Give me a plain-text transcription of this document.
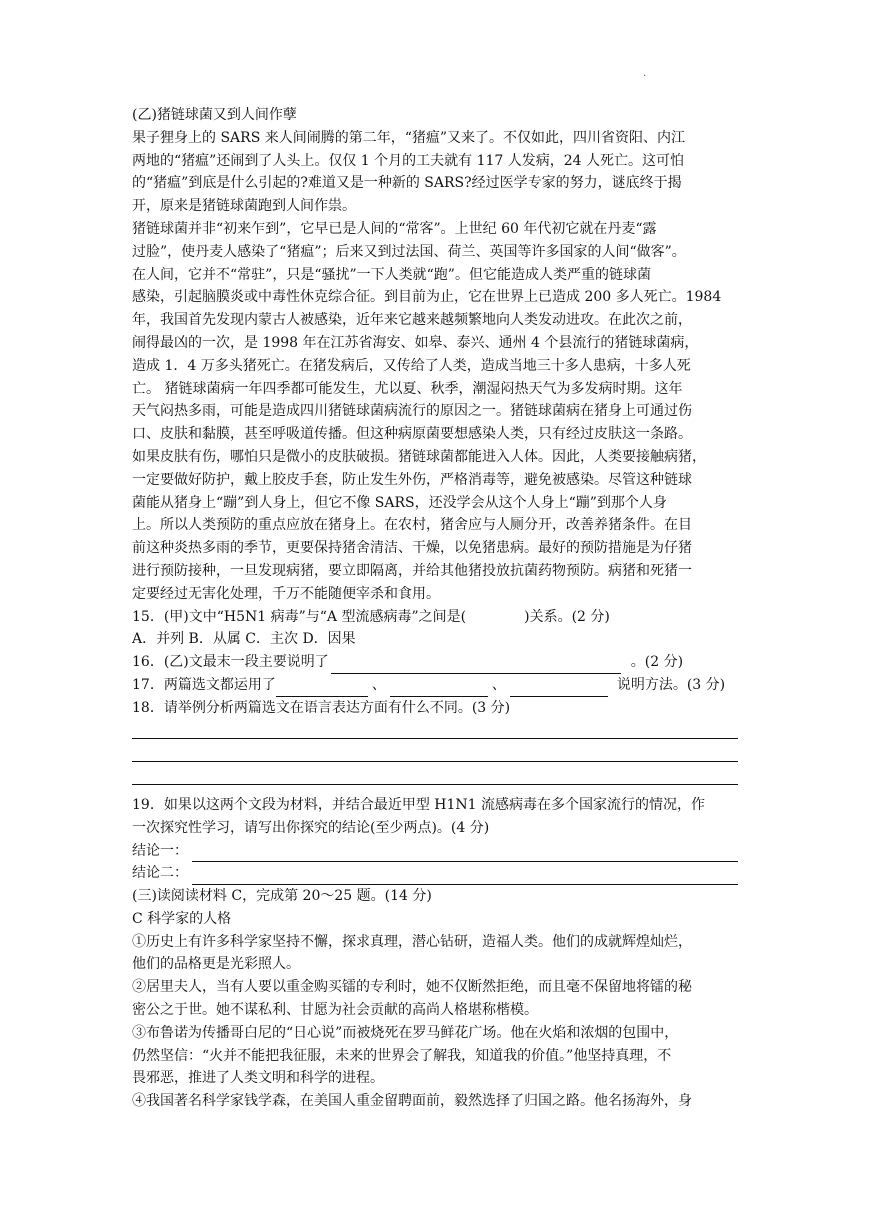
.
(乙)猪链球菌又到人间作孽
果子狸身上的 SARS 来人间闹腾的第二年，“猪瘟”又来了。不仅如此，四川省资阳、内江
两地的“猪瘟”还闹到了人头上。仅仅 1 个月的工夫就有 117 人发病，24 人死亡。这可怕
的“猪瘟”到底是什么引起的?难道又是一种新的 SARS?经过医学专家的努力，谜底终于揭
开，原来是猪链球菌跑到人间作祟。
猪链球菌并非“初来乍到”，它早已是人间的“常客”。上世纪 60 年代初它就在丹麦“露
过脸”，使丹麦人感染了“猪瘟”；后来又到过法国、荷兰、英国等许多国家的人间“做客”。
在人间，它并不“常驻”，只是“骚扰”一下人类就“跑”。但它能造成人类严重的链球菌
感染，引起脑膜炎或中毒性休克综合征。到目前为止，它在世界上已造成 200 多人死亡。1984
年，我国首先发现内蒙古人被感染，近年来它越来越频繁地向人类发动进攻。在此次之前，
闹得最凶的一次，是 1998 年在江苏省海安、如皋、泰兴、通州 4 个县流行的猪链球菌病，
造成 1．4 万多头猪死亡。在猪发病后，又传给了人类，造成当地三十多人患病，十多人死
亡。 猪链球菌病一年四季都可能发生，尤以夏、秋季，潮湿闷热天气为多发病时期。这年
天气闷热多雨，可能是造成四川猪链球菌病流行的原因之一。猪链球菌病在猪身上可通过伤
口、皮肤和黏膜，甚至呼吸道传播。但这种病原菌要想感染人类，只有经过皮肤这一条路。
如果皮肤有伤，哪怕只是微小的皮肤破损。猪链球菌都能进入人体。因此，人类要接触病猪，
一定要做好防护，戴上胶皮手套，防止发生外伤，严格消毒等，避免被感染。尽管这种链球
菌能从猪身上“蹦”到人身上，但它不像 SARS，还没学会从这个人身上“蹦”到那个人身
上。所以人类预防的重点应放在猪身上。在农村，猪舍应与人厕分开，改善养猪条件。在目
前这种炎热多雨的季节，更要保持猪舍清洁、干燥，以免猪患病。最好的预防措施是为仔猪
进行预防接种，一旦发现病猪，要立即隔离，并给其他猪投放抗菌药物预防。病猪和死猪一
定要经过无害化处理，千万不能随便宰杀和食用。
15．(甲)文中“H5N1 病毒”与“A 型流感病毒”之间是(	)关系。(2 分)
A．并列 B．从属 C．主次 D．因果
16．(乙)文最末一段主要说明了	。(2 分)
17．两篇选文都运用了	、	、	说明方法。(3 分)
18．请举例分析两篇选文在语言表达方面有什么不同。(3 分)
19．如果以这两个文段为材料，并结合最近甲型 H1N1 流感病毒在多个国家流行的情况，作
一次探究性学习，请写出你探究的结论(至少两点)。(4 分)
结论一：
结论二：
(三)读阅读材料 C，完成第 20～25 题。(14 分)
C 科学家的人格
①历史上有许多科学家坚持不懈，探求真理，潜心钻研，造福人类。他们的成就辉煌灿烂，
他们的品格更是光彩照人。
②居里夫人，当有人要以重金购买镭的专利时，她不仅断然拒绝，而且毫不保留地将镭的秘
密公之于世。她不谋私利、甘愿为社会贡献的高尚人格堪称楷模。
③布鲁诺为传播哥白尼的“日心说”而被烧死在罗马鲜花广场。他在火焰和浓烟的包围中，
仍然坚信：“火并不能把我征服，未来的世界会了解我，知道我的价值。”他坚持真理，不
畏邪恶，推进了人类文明和科学的进程。
④我国著名科学家钱学森，在美国人重金留聘面前，毅然选择了归国之路。他名扬海外，身
